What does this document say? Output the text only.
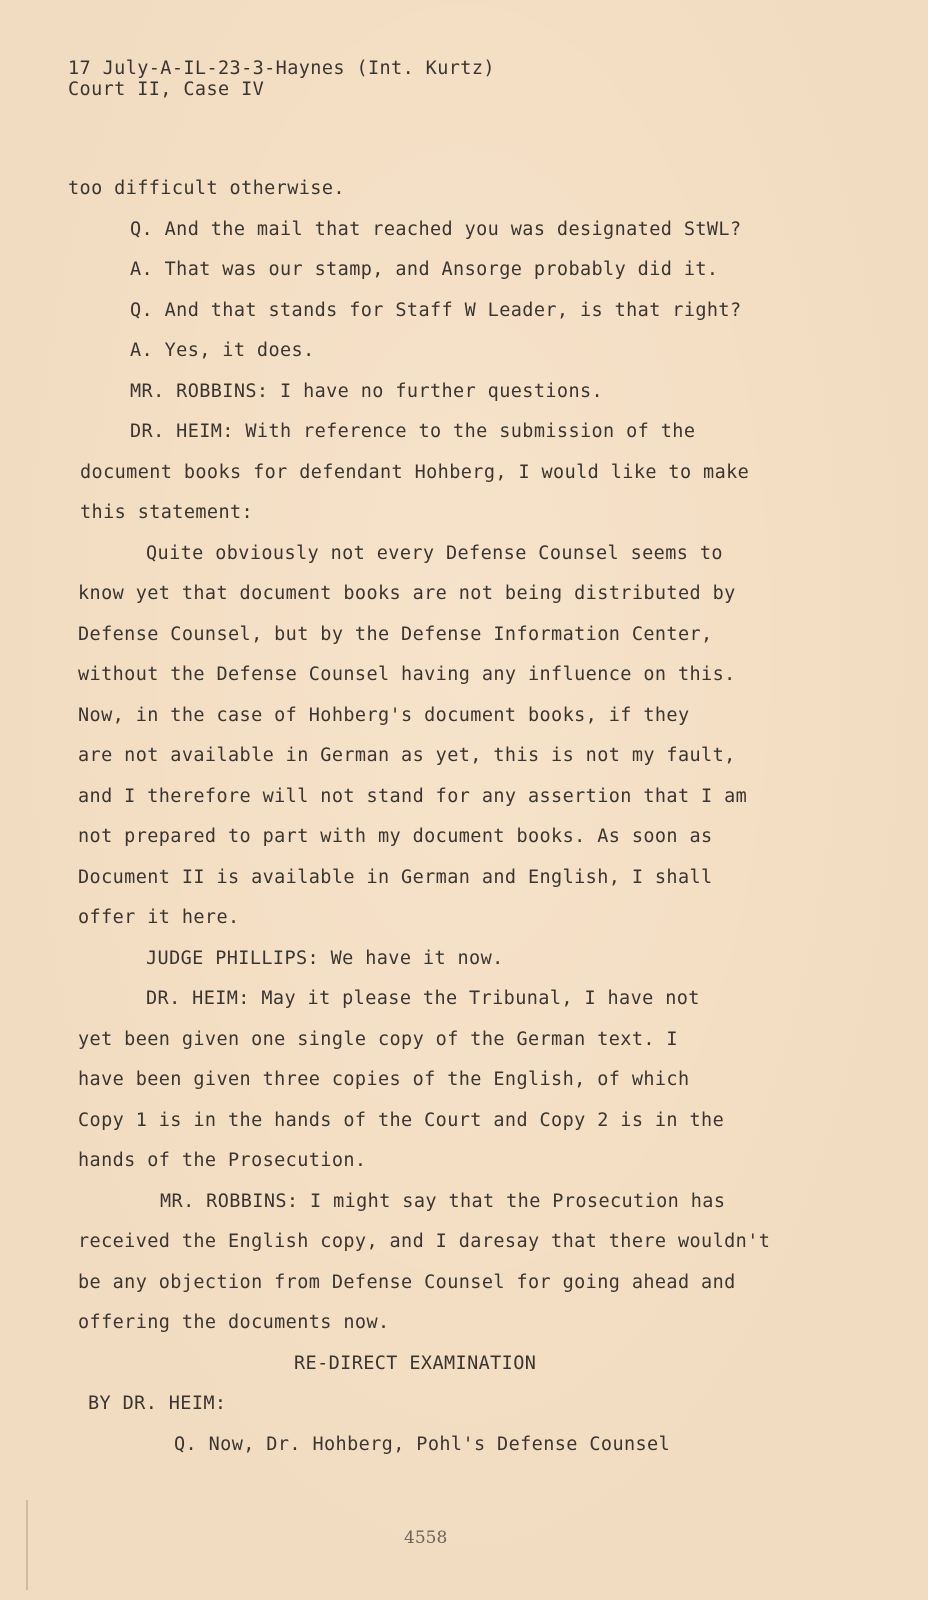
17 July-A-IL-23-3-Haynes (Int. Kurtz)
Court II, Case IV
too difficult otherwise.
Q. And the mail that reached you was designated StWL?
A. That was our stamp, and Ansorge probably did it.
Q. And that stands for Staff W Leader, is that right?
A. Yes, it does.
MR. ROBBINS: I have no further questions.
DR. HEIM: With reference to the submission of the
document books for defendant Hohberg, I would like to make
this statement:
Quite obviously not every Defense Counsel seems to
know yet that document books are not being distributed by
Defense Counsel, but by the Defense Information Center,
without the Defense Counsel having any influence on this.
Now, in the case of Hohberg's document books, if they
are not available in German as yet, this is not my fault,
and I therefore will not stand for any assertion that I am
not prepared to part with my document books. As soon as
Document II is available in German and English, I shall
offer it here.
JUDGE PHILLIPS: We have it now.
DR. HEIM: May it please the Tribunal, I have not
yet been given one single copy of the German text. I
have been given three copies of the English, of which
Copy 1 is in the hands of the Court and Copy 2 is in the
hands of the Prosecution.
MR. ROBBINS: I might say that the Prosecution has
received the English copy, and I daresay that there wouldn't
be any objection from Defense Counsel for going ahead and
offering the documents now.
RE-DIRECT EXAMINATION
BY DR. HEIM:
Q. Now, Dr. Hohberg, Pohl's Defense Counsel
4558
